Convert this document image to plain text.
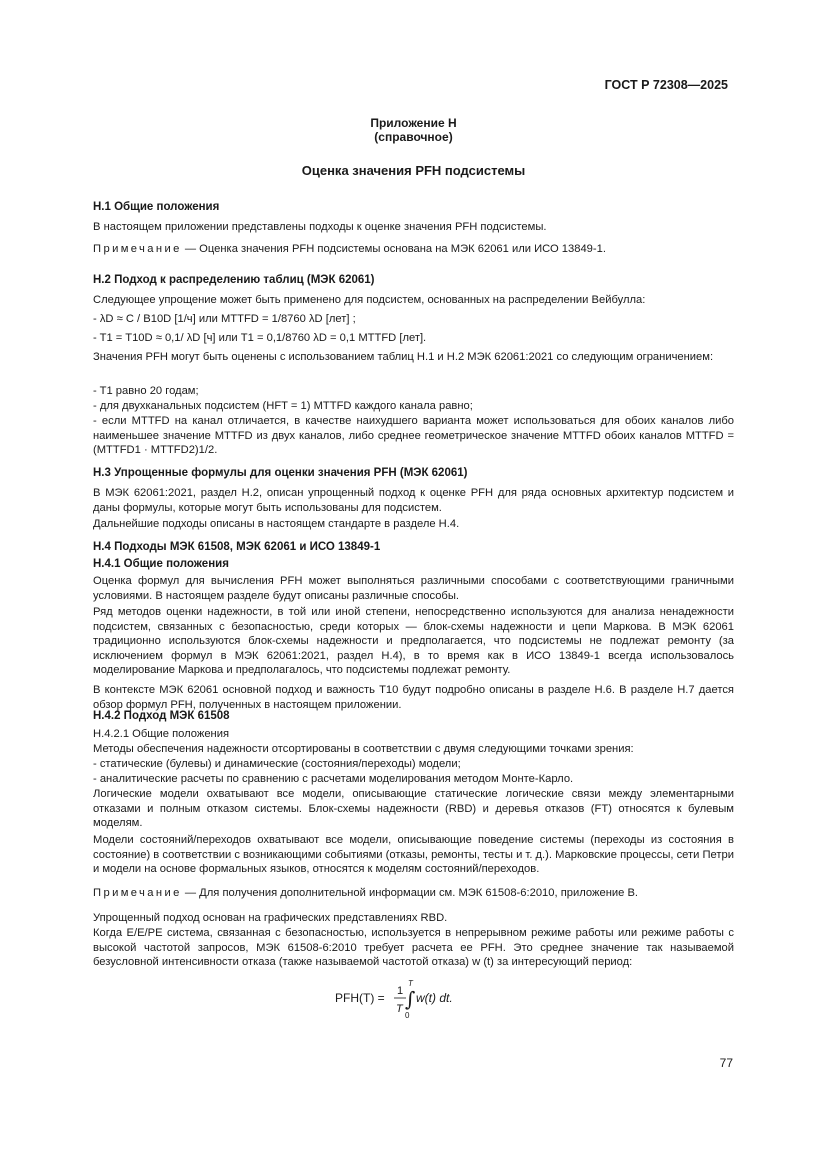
ГОСТ Р 72308—2025
Приложение Н
(справочное)
Оценка значения PFH подсистемы
Н.1 Общие положения
В настоящем приложении представлены подходы к оценке значения PFH подсистемы.
Примечание — Оценка значения PFH подсистемы основана на МЭК 62061 или ИСО 13849-1.
Н.2 Подход к распределению таблиц (МЭК 62061)
Следующее упрощение может быть применено для подсистем, основанных на распределении Вейбулла:
- λD ≈ C / B10D [1/ч] или MTTFD = 1/8760 λD [лет] ;
- T1 = T10D ≈ 0,1/ λD [ч] или T1 = 0,1/8760 λD = 0,1 MTTFD [лет].
Значения PFH могут быть оценены с использованием таблиц Н.1 и Н.2 МЭК 62061:2021 со следующим ограничением:
- T1 равно 20 годам;
- для двухканальных подсистем (HFT = 1) MTTFD каждого канала равно;
- если MTTFD на канал отличается, в качестве наихудшего варианта может использоваться для обоих каналов либо наименьшее значение MTTFD из двух каналов, либо среднее геометрическое значение MTTFD обоих каналов MTTFD = (MTTFD1 · MTTFD2)1/2.
Н.3 Упрощенные формулы для оценки значения PFH (МЭК 62061)
В МЭК 62061:2021, раздел Н.2, описан упрощенный подход к оценке PFH для ряда основных архитектур подсистем и даны формулы, которые могут быть использованы для подсистем.
Дальнейшие подходы описаны в настоящем стандарте в разделе Н.4.
Н.4 Подходы МЭК 61508, МЭК 62061 и ИСО 13849-1
Н.4.1 Общие положения
Оценка формул для вычисления PFH может выполняться различными способами с соответствующими граничными условиями. В настоящем разделе будут описаны различные способы.
Ряд методов оценки надежности, в той или иной степени, непосредственно используются для анализа ненадежности подсистем, связанных с безопасностью, среди которых — блок-схемы надежности и цепи Маркова. В МЭК 62061 традиционно используются блок-схемы надежности и предполагается, что подсистемы не подлежат ремонту (за исключением формул в МЭК 62061:2021, раздел Н.4), в то время как в ИСО 13849-1 всегда использовалось моделирование Маркова и предполагалось, что подсистемы подлежат ремонту.
В контексте МЭК 62061 основной подход и важность T10 будут подробно описаны в разделе Н.6. В разделе Н.7 дается обзор формул PFH, полученных в настоящем приложении.
Н.4.2 Подход МЭК 61508
Н.4.2.1 Общие положения
Методы обеспечения надежности отсортированы в соответствии с двумя следующими точками зрения:
- статические (булевы) и динамические (состояния/переходы) модели;
- аналитические расчеты по сравнению с расчетами моделирования методом Монте-Карло.
Логические модели охватывают все модели, описывающие статические логические связи между элементарными отказами и полным отказом системы. Блок-схемы надежности (RBD) и деревья отказов (FT) относятся к булевым моделям.
Модели состояний/переходов охватывают все модели, описывающие поведение системы (переходы из состояния в состояние) в соответствии с возникающими событиями (отказы, ремонты, тесты и т. д.). Марковские процессы, сети Петри и модели на основе формальных языков, относятся к моделям состояний/переходов.
Примечание — Для получения дополнительной информации см. МЭК 61508-6:2010, приложение В.
Упрощенный подход основан на графических представлениях RBD.
Когда Е/Е/РЕ система, связанная с безопасностью, используется в непрерывном режиме работы или режиме работы с высокой частотой запросов, МЭК 61508-6:2010 требует расчета ее PFH. Это среднее значение так называемой безусловной интенсивности отказа (также называемой частотой отказа) w (t) за интересующий период:
PFH(T) = 1
T
T
∫
0
w(t) dt.
77
